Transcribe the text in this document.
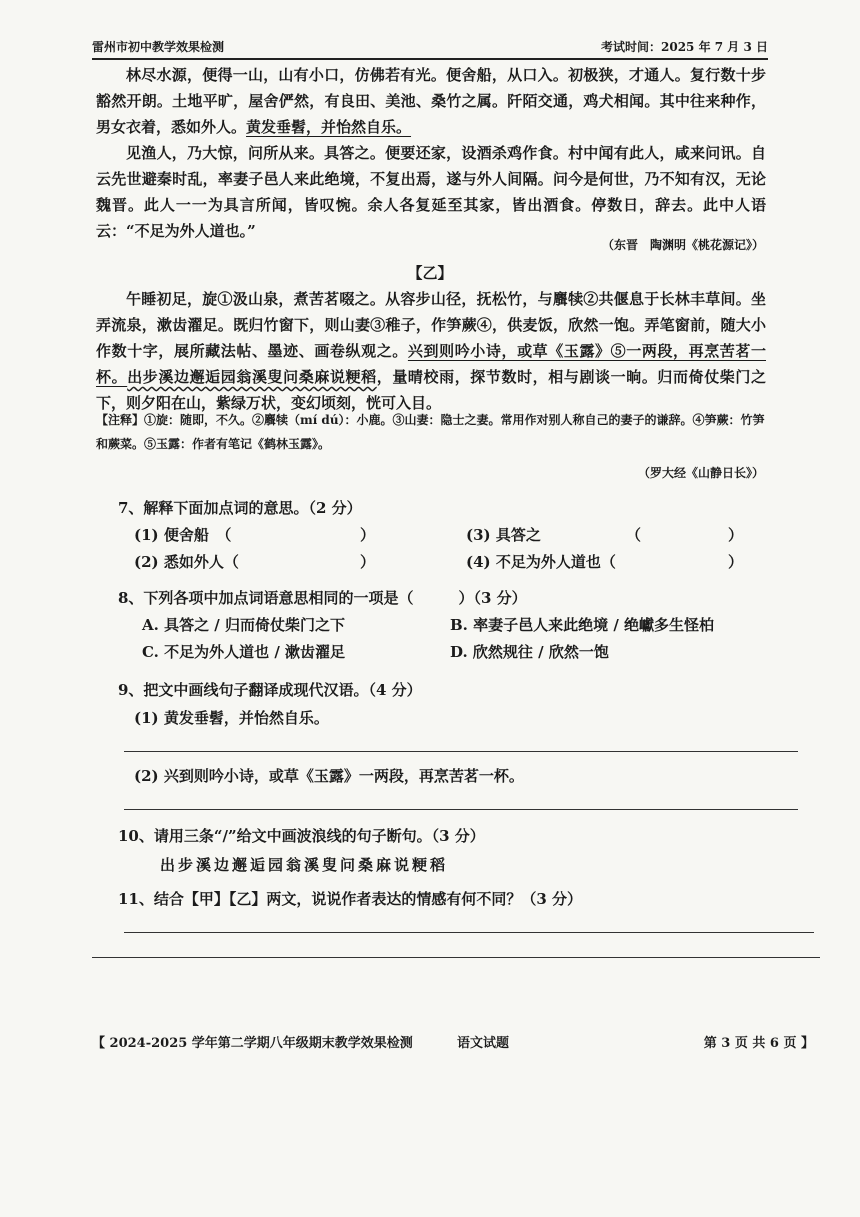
雷州市初中教学效果检测	考试时间：2025 年 7 月 3 日
林尽水源，便得一山，山有小口，仿佛若有光。便舍船，从口入。初极狭，才通人。复行数十步豁然开朗。土地平旷，屋舍俨然，有良田、美池、桑竹之属。阡陌交通，鸡犬相闻。其中往来种作，男女衣着，悉如外人。黄发垂髫，并怡然自乐。
见渔人，乃大惊，问所从来。具答之。便要还家，设酒杀鸡作食。村中闻有此人，咸来问讯。自云先世避秦时乱，率妻子邑人来此绝境，不复出焉，遂与外人间隔。问今是何世，乃不知有汉，无论魏晋。此人一一为具言所闻，皆叹惋。余人各复延至其家，皆出酒食。停数日，辞去。此中人语云：“不足为外人道也。”
（东晋　陶渊明《桃花源记》）
【乙】
午睡初足，旋①汲山泉，煮苦茗啜之。从容步山径，抚松竹，与麛犊②共偃息于长林丰草间。坐弄流泉，漱齿濯足。既归竹窗下，则山妻③稚子，作笋蕨④，供麦饭，欣然一饱。弄笔窗前，随大小作数十字，展所藏法帖、墨迹、画卷纵观之。兴到则吟小诗，或草《玉露》⑤一两段，再烹苦茗一杯。出步溪边邂逅园翁溪叟问桑麻说粳稻，量晴校雨，探节数时，相与剧谈一晌。归而倚仗柴门之下，则夕阳在山，紫绿万状，变幻顷刻，恍可入目。
【注释】①旋：随即，不久。②麛犊（mí dú）：小鹿。③山妻：隐士之妻。常用作对别人称自己的妻子的谦辞。④笋蕨：竹笋和蕨菜。⑤玉露：作者有笔记《鹤林玉露》。
（罗大经《山静日长》）
7、解释下面加点词的意思。（2 分）
(1) 便舍船　（	）
(2) 悉如外人（	）
(3) 具答之	（	）
(4) 不足为外人道也（	）
8、下列各项中加点词语意思相同的一项是（　　　）（3 分）
A. 具答之 / 归而倚仗柴门之下	B. 率妻子邑人来此绝境 / 绝巘多生怪柏
C. 不足为外人道也 / 漱齿濯足	D. 欣然规往 / 欣然一饱
9、把文中画线句子翻译成现代汉语。（4 分）
(1) 黄发垂髫，并怡然自乐。
(2) 兴到则吟小诗，或草《玉露》一两段，再烹苦茗一杯。
10、请用三条“/”给文中画波浪线的句子断句。（3 分）
出步溪边邂逅园翁溪叟问桑麻说粳稻
11、结合【甲】【乙】两文，说说作者表达的情感有何不同？（3 分）
【 2024-2025 学年第二学期八年级期末教学效果检测	语文试题	第 3 页 共 6 页 】
